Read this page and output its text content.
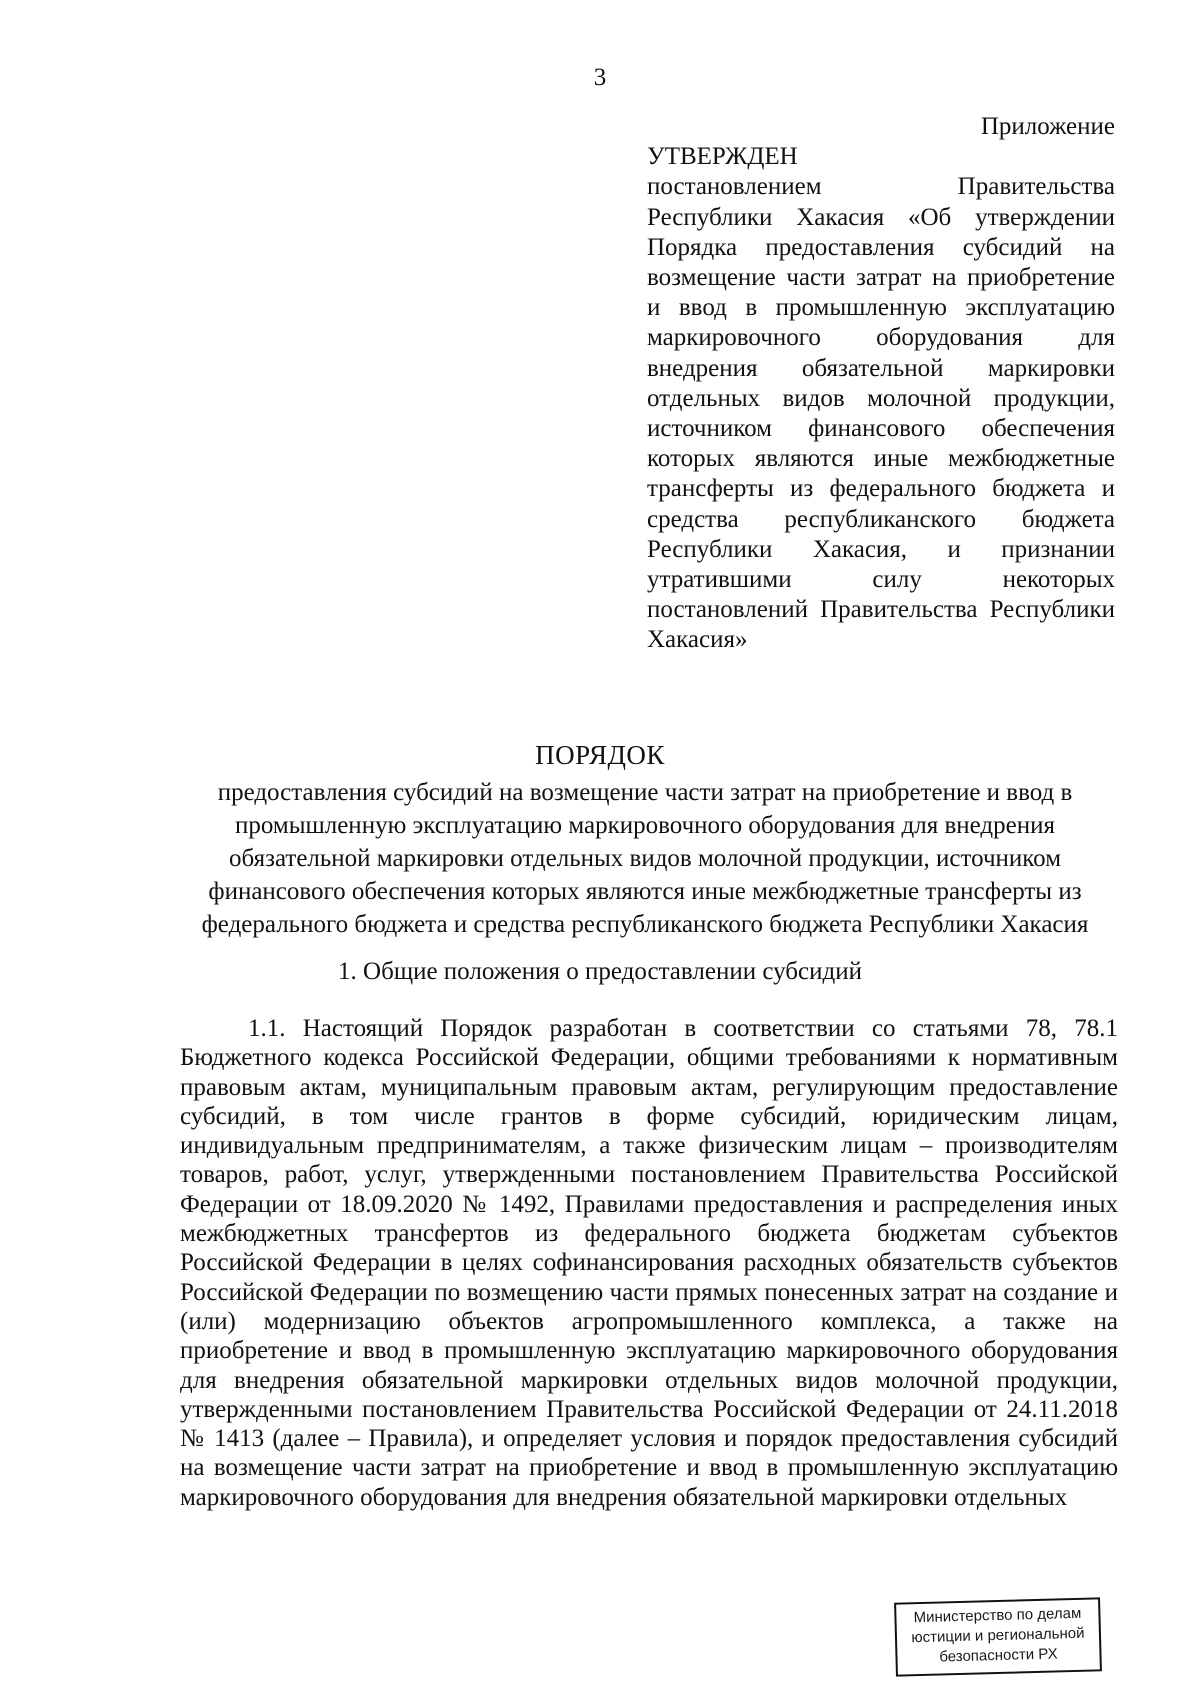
3
Приложение
УТВЕРЖДЕН
постановлением Правительства Республики Хакасия «Об утверждении Порядка предоставления субсидий на возмещение части затрат на приобретение и ввод в промышленную эксплуатацию маркировочного оборудования для внедрения обязательной маркировки отдельных видов молочной продукции, источником финансового обеспечения которых являются иные межбюджетные трансферты из федерального бюджета и средства республиканского бюджета Республики Хакасия, и признании утратившими силу некоторых постановлений Правительства Республики Хакасия»
ПОРЯДОК
предоставления субсидий на возмещение части затрат на приобретение и ввод в промышленную эксплуатацию маркировочного оборудования для внедрения обязательной маркировки отдельных видов молочной продукции, источником финансового обеспечения которых являются иные межбюджетные трансферты из федерального бюджета и средства республиканского бюджета Республики Хакасия
1. Общие положения о предоставлении субсидий

1.1. Настоящий Порядок разработан в соответствии со статьями 78, 78.1 Бюджетного кодекса Российской Федерации, общими требованиями к нормативным правовым актам, муниципальным правовым актам, регулирующим предоставление субсидий, в том числе грантов в форме субсидий, юридическим лицам, индивидуальным предпринимателям, а также физическим лицам – производителям товаров, работ, услуг, утвержденными постановлением Правительства Российской Федерации от 18.09.2020 № 1492, Правилами предоставления и распределения иных межбюджетных трансфертов из федерального бюджета бюджетам субъектов Российской Федерации в целях софинансирования расходных обязательств субъектов Российской Федерации по возмещению части прямых понесенных затрат на создание и (или) модернизацию объектов агропромышленного комплекса, а также на приобретение и ввод в промышленную эксплуатацию маркировочного оборудования для внедрения обязательной маркировки отдельных видов молочной продукции, утвержденными постановлением Правительства Российской Федерации от 24.11.2018 № 1413 (далее – Правила), и определяет условия и порядок предоставления субсидий на возмещение части затрат на приобретение и ввод в промышленную эксплуатацию маркировочного оборудования для внедрения обязательной маркировки отдельных

Министерство по делам
юстиции и региональной
безопасности РХ
